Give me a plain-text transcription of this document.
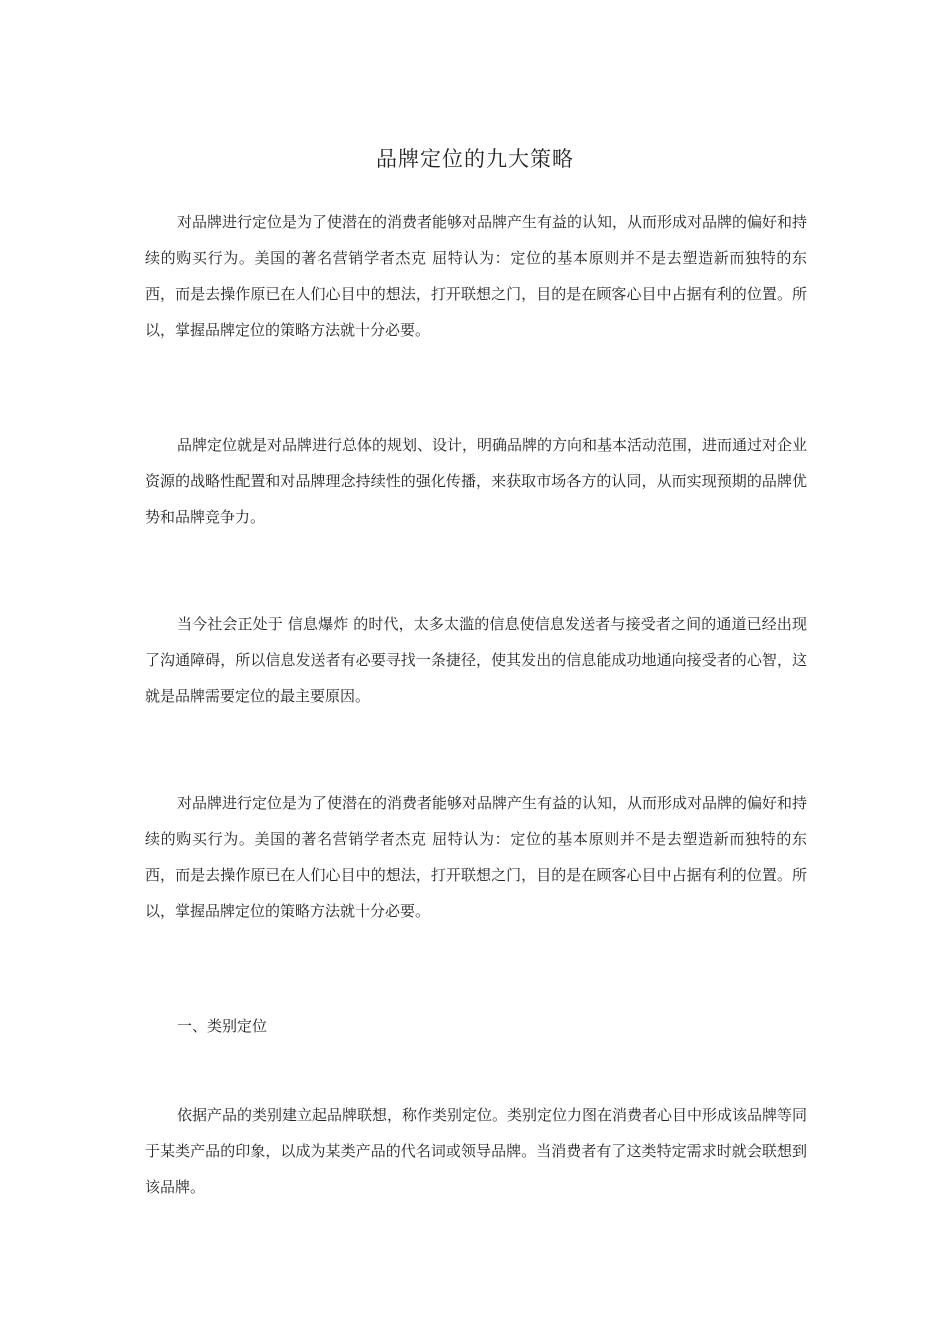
品牌定位的九大策略

对品牌进行定位是为了使潜在的消费者能够对品牌产生有益的认知，从而形成对品牌的偏好和持续的购买行为。美国的著名营销学者杰克 屈特认为：定位的基本原则并不是去塑造新而独特的东西，而是去操作原已在人们心目中的想法，打开联想之门，目的是在顾客心目中占据有利的位置。所以，掌握品牌定位的策略方法就十分必要。

品牌定位就是对品牌进行总体的规划、设计，明确品牌的方向和基本活动范围，进而通过对企业资源的战略性配置和对品牌理念持续性的强化传播，来获取市场各方的认同，从而实现预期的品牌优势和品牌竞争力。

当今社会正处于 信息爆炸 的时代，太多太滥的信息使信息发送者与接受者之间的通道已经出现了沟通障碍，所以信息发送者有必要寻找一条捷径，使其发出的信息能成功地通向接受者的心智，这就是品牌需要定位的最主要原因。

对品牌进行定位是为了使潜在的消费者能够对品牌产生有益的认知，从而形成对品牌的偏好和持续的购买行为。美国的著名营销学者杰克 屈特认为：定位的基本原则并不是去塑造新而独特的东西，而是去操作原已在人们心目中的想法，打开联想之门，目的是在顾客心目中占据有利的位置。所以，掌握品牌定位的策略方法就十分必要。

一、类别定位

依据产品的类别建立起品牌联想，称作类别定位。类别定位力图在消费者心目中形成该品牌等同于某类产品的印象，以成为某类产品的代名词或领导品牌。当消费者有了这类特定需求时就会联想到该品牌。
